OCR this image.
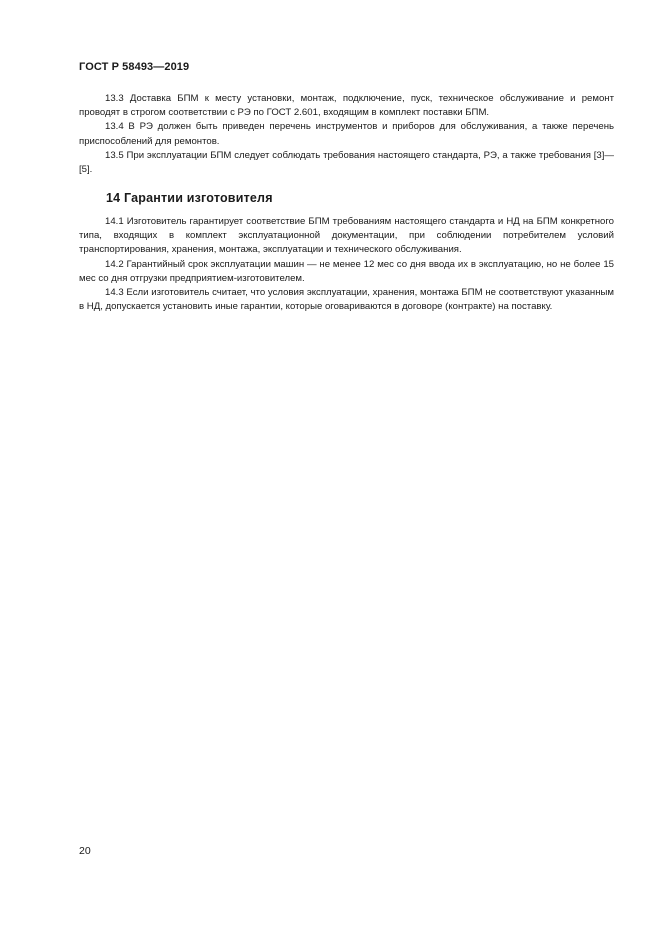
ГОСТ Р 58493—2019

13.3 Доставка БПМ к месту установки, монтаж, подключение, пуск, техническое обслуживание и ремонт проводят в строгом соответствии с РЭ по ГОСТ 2.601, входящим в комплект поставки БПМ.

13.4 В РЭ должен быть приведен перечень инструментов и приборов для обслуживания, а также перечень приспособлений для ремонтов.

13.5 При эксплуатации БПМ следует соблюдать требования настоящего стандарта, РЭ, а также требования [3]—[5].

14 Гарантии изготовителя

14.1 Изготовитель гарантирует соответствие БПМ требованиям настоящего стандарта и НД на БПМ конкретного типа, входящих в комплект эксплуатационной документации, при соблюдении потребителем условий транспортирования, хранения, монтажа, эксплуатации и технического обслуживания.

14.2 Гарантийный срок эксплуатации машин — не менее 12 мес со дня ввода их в эксплуатацию, но не более 15 мес со дня отгрузки предприятием-изготовителем.

14.3 Если изготовитель считает, что условия эксплуатации, хранения, монтажа БПМ не соответствуют указанным в НД, допускается установить иные гарантии, которые оговариваются в договоре (контракте) на поставку.

20
